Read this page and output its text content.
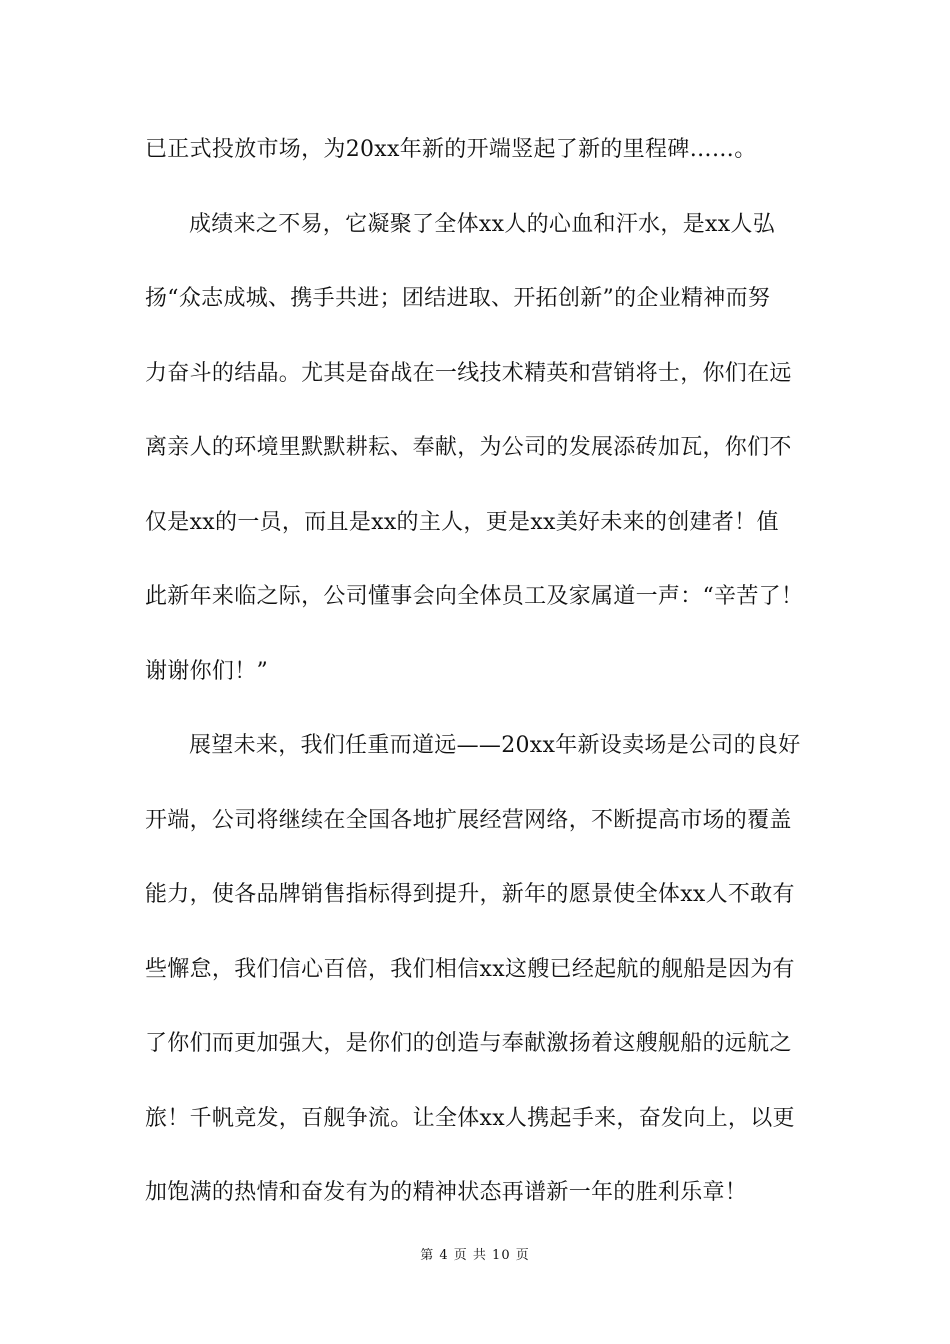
已正式投放市场，为20xx年新的开端竖起了新的里程碑……。
成绩来之不易，它凝聚了全体xx人的心血和汗水，是xx人弘
扬“众志成城、携手共进；团结进取、开拓创新”的企业精神而努
力奋斗的结晶。尤其是奋战在一线技术精英和营销将士，你们在远
离亲人的环境里默默耕耘、奉献，为公司的发展添砖加瓦，你们不
仅是xx的一员，而且是xx的主人，更是xx美好未来的创建者！值
此新年来临之际，公司懂事会向全体员工及家属道一声：“辛苦了！
谢谢你们！”
展望未来，我们任重而道远——20xx年新设卖场是公司的良好
开端，公司将继续在全国各地扩展经营网络，不断提高市场的覆盖
能力，使各品牌销售指标得到提升，新年的愿景使全体xx人不敢有
些懈怠，我们信心百倍，我们相信xx这艘已经起航的舰船是因为有
了你们而更加强大，是你们的创造与奉献激扬着这艘舰船的远航之
旅！千帆竞发，百舰争流。让全体xx人携起手来，奋发向上，以更
加饱满的热情和奋发有为的精神状态再谱新一年的胜利乐章！
第 4 页 共 10 页
